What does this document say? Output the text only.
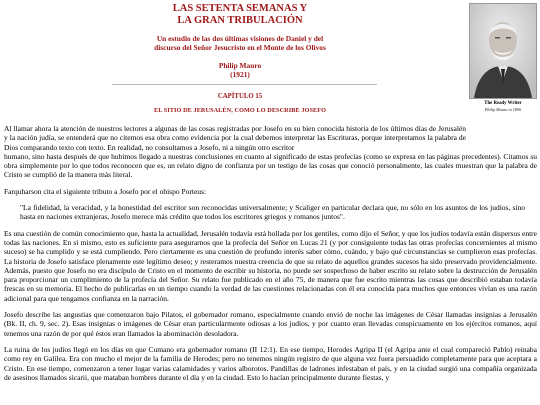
LAS SETENTA SEMANAS Y
LA GRAN TRIBULACIÓN
Un estudio de las dos últimas visiones de Daniel y del
discurso del Señor Jesucristo en el Monte de los Olivos
Philip Mauro
(1921)
CAPÍTULO 15
EL SITIO DE JERUSALÉN, COMO LO DESCRIBE JOSEFO
The Ready Writer
Philip Mauro in 1896

Al llamar ahora la atención de nuestros lectores a algunas de las cosas registradas por Josefo en su bien conocida historia de los últimos días de Jerusalén y la nación judía, se entenderá que no citemos esa obra como evidencia por la cual debemos interpretar las Escrituras, porque interpretamos la palabra de Dios comparando texto con texto. En realidad, no consultamos a Josefo, ni a ningún otro escritor

humano, sino hasta después de que hubimos llegado a nuestras conclusiones en cuanto al significado de estas profecías (como se expresa en las páginas precedentes). Citamos su obra simplemente por lo que todos reconocen que es, un relato digno de confianza por un testigo de las cosas que conoció personalmente, las cuales muestran que la palabra de Cristo se cumplió de la manera más literal.

Farquharson cita el siguiente tributo a Josefo por el obispo Porteus:

"La fidelidad, la veracidad, y la honestidad del escritor son reconocidas universalmente; y Scaliger en particular declara que, no sólo en los asuntos de los judíos, sino hasta en naciones extranjeras, Josefo merece más crédito que todos los escritores griegos y romanos juntos".

Es una cuestión de común conocimiento que, hasta la actualidad, Jerusalén todavía está hollada por los gentiles, como dijo el Señor, y que los judíos todavía están dispersos entre todas las naciones. En sí mismo, esto es suficiente para asegurarnos que la profecía del Señor en Lucas 21 (y por consiguiente todas las otras profecías concernientes al mismo suceso) se ha cumplido y se está cumpliendo. Pero ciertamente es una cuestión de profundo interés saber cómo, cuándo, y bajo qué circunstancias se cumplieron esas profecías. La historia de Josefo satisface plenamente este legítimo deseo; y resteramos nuestra creencia de que su relato de aquellos grandes sucesos ha sido preservado providencialmente. Además, puesto que Josefo no era discípulo de Cristo en el momento de escribir su historia, no puede ser sospechoso de haber escrito su relato sobre la destrucción de Jerusalén para proporcionar un cumplimiento de la profecía del Señor. Su relato fue publicado en el año 75, de manera que fue escrito mientras las cosas que describió estaban todavía frescas en su memoria. El hecho de publicarlas en un tiempo cuando la verdad de las cuestiones relacionadas con él era conocida para muchos que entonces vivían es una razón adicional para que tengamos confianza en la narración.

Josefo describe las angustias que comenzaron bajo Pilatos, el gobernador romano, especialmente cuando envió de noche las imágenes de César llamadas insignias a Jerusalén (Bk. II, ch. 9, sec. 2). Esas insignias o imágenes de César eran particularmente odiosas a los judíos, y por cuanto eran llevadas conspicuamente en los ejércitos romanos, aquí tenemos una razón de por qué éstos eran llamados la abominación desoladora.

La ruina de los judíos llegó en los días en que Cumano era gobernador romano (II 12:1). En ese tiempo, Herodes Agripa II (el Agripa ante el cual compareció Pablo) reinaba como rey en Galilea. Era con mucho el mejor de la familia de Herodes; pero no tenemos ningún registro de que alguna vez fuera persuadido completamente para que aceptara a Cristo. En ese tiempo, comenzaron a tener lugar varias calamidades y varios alborotos. Pandillas de ladrones infestaban el país, y en la ciudad surgió una compañía organizada de asesinos llamados sicarii, que mataban hombres durante el día y en la ciudad. Esto lo hacían principalmente durante fiestas, y
